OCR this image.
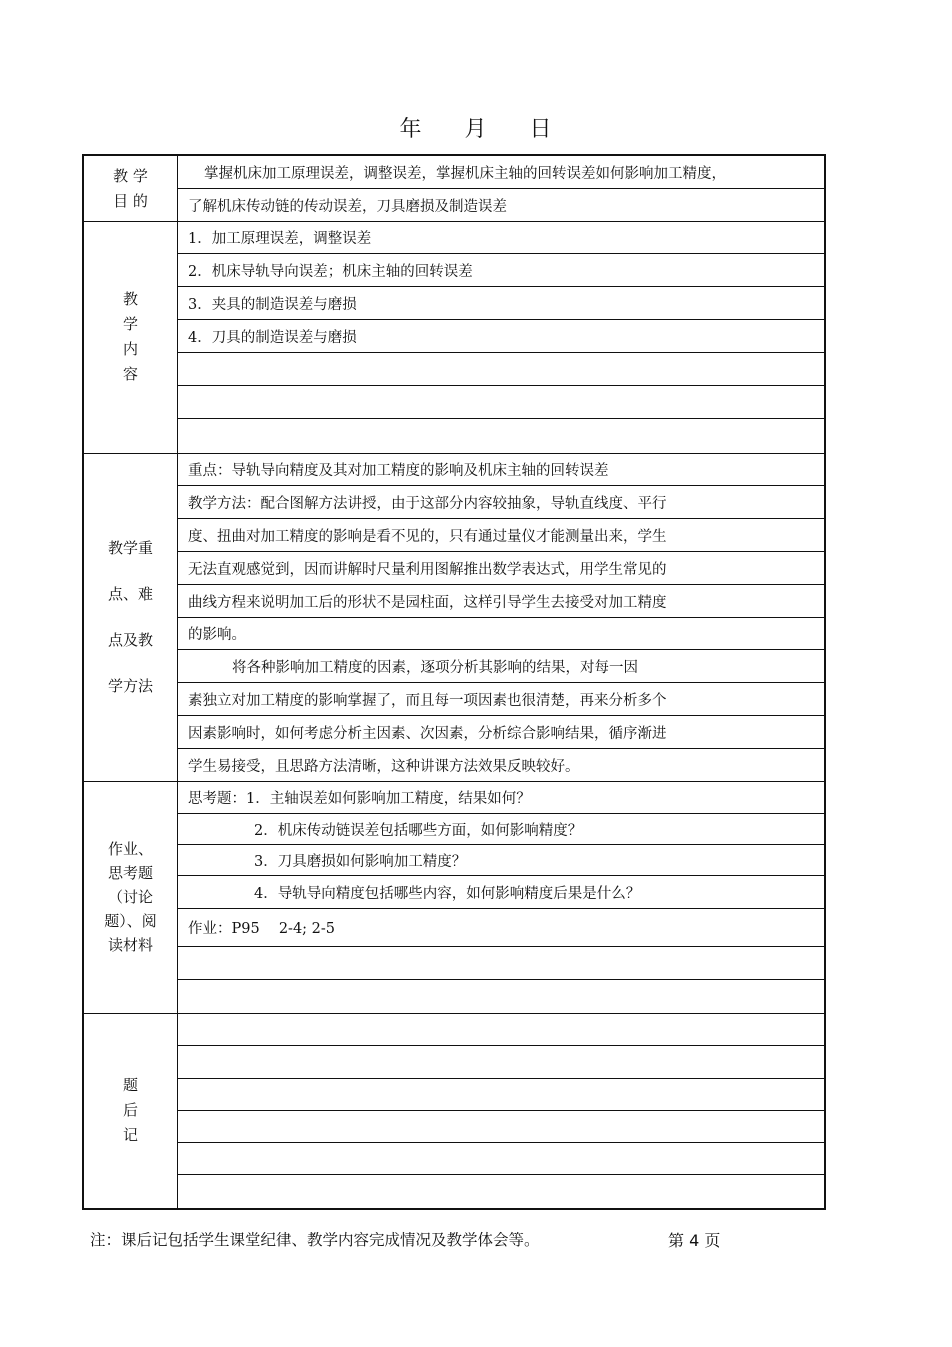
年 月 日
教 学
目 的
掌握机床加工原理误差，调整误差，掌握机床主轴的回转误差如何影响加工精度，
了解机床传动链的传动误差，刀具磨损及制造误差
教
学
内
容
1．加工原理误差，调整误差
2．机床导轨导向误差；机床主轴的回转误差
3．夹具的制造误差与磨损
4．刀具的制造误差与磨损
教学重

点、难

点及教

学方法
重点：导轨导向精度及其对加工精度的影响及机床主轴的回转误差
教学方法：配合图解方法讲授，由于这部分内容较抽象，导轨直线度、平行
度、扭曲对加工精度的影响是看不见的，只有通过量仪才能测量出来，学生
无法直观感觉到，因而讲解时尺量利用图解推出数学表达式，用学生常见的
曲线方程来说明加工后的形状不是园柱面，这样引导学生去接受对加工精度
的影响。
将各种影响加工精度的因素，逐项分析其影响的结果，对每一因
素独立对加工精度的影响掌握了，而且每一项因素也很清楚，再来分析多个
因素影响时，如何考虑分析主因素、次因素，分析综合影响结果，循序渐进
学生易接受，且思路方法清晰，这种讲课方法效果反映较好。
作业、
思考题
（讨论
题）、阅
读材料
思考题：1．主轴误差如何影响加工精度，结果如何？
2．机床传动链误差包括哪些方面，如何影响精度？
3．刀具磨损如何影响加工精度？
4．导轨导向精度包括哪些内容，如何影响精度后果是什么？
作业：P95　 2-4; 2-5
题
后
记
注：课后记包括学生课堂纪律、教学内容完成情况及教学体会等。	第 4 页
